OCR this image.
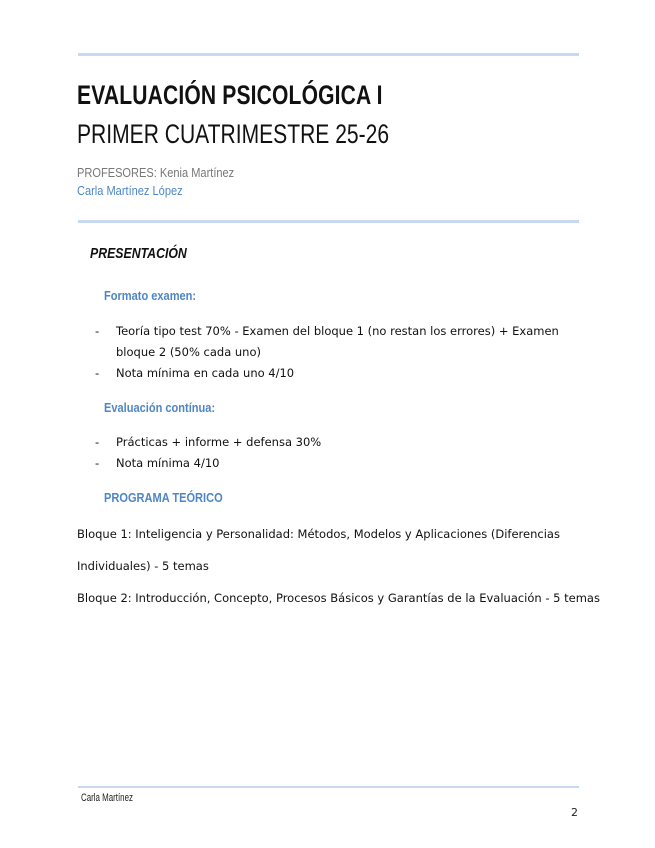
EVALUACIÓN PSICOLÓGICA I
PRIMER CUATRIMESTRE 25-26
PROFESORES: Kenia Martínez
Carla Martínez López
PRESENTACIÓN
Formato examen:
- Teoría tipo test 70% - Examen del bloque 1 (no restan los errores) + Examen bloque 2 (50% cada uno)
- Nota mínima en cada uno 4/10
Evaluación contínua:
- Prácticas + informe + defensa 30%
- Nota mínima 4/10
PROGRAMA TEÓRICO

Bloque 1: Inteligencia y Personalidad: Métodos, Modelos y Aplicaciones (Diferencias

Individuales) - 5 temas

Bloque 2: Introducción, Concepto, Procesos Básicos y Garantías de la Evaluación - 5 temas

Carla Martínez
2
